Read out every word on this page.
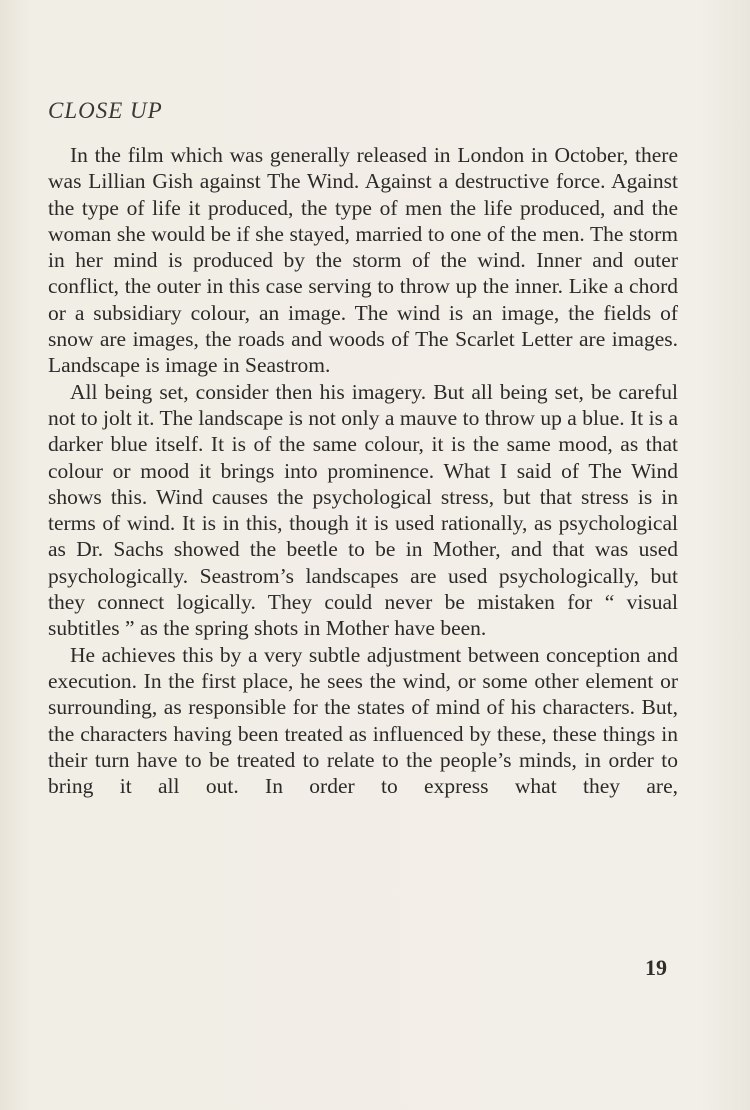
CLOSE UP

In the film which was generally released in London in October, there was Lillian Gish against The Wind. Against a destructive force. Against the type of life it produced, the type of men the life produced, and the woman she would be if she stayed, married to one of the men. The storm in her mind is produced by the storm of the wind. Inner and outer conflict, the outer in this case serving to throw up the inner. Like a chord or a subsidiary colour, an image. The wind is an image, the fields of snow are images, the roads and woods of The Scarlet Letter are images. Landscape is image in Seastrom.

All being set, consider then his imagery. But all being set, be careful not to jolt it. The landscape is not only a mauve to throw up a blue. It is a darker blue itself. It is of the same colour, it is the same mood, as that colour or mood it brings into prominence. What I said of The Wind shows this. Wind causes the psychological stress, but that stress is in terms of wind. It is in this, though it is used rationally, as psychological as Dr. Sachs showed the beetle to be in Mother, and that was used psychologically. Seastrom’s landscapes are used psychologically, but they connect logically. They could never be mistaken for “ visual subtitles ” as the spring shots in Mother have been.

He achieves this by a very subtle adjustment between conception and execution. In the first place, he sees the wind, or some other element or surrounding, as responsible for the states of mind of his characters. But, the characters having been treated as influenced by these, these things in their turn have to be treated to relate to the people’s minds, in order to bring it all out. In order to express what they are,

19
